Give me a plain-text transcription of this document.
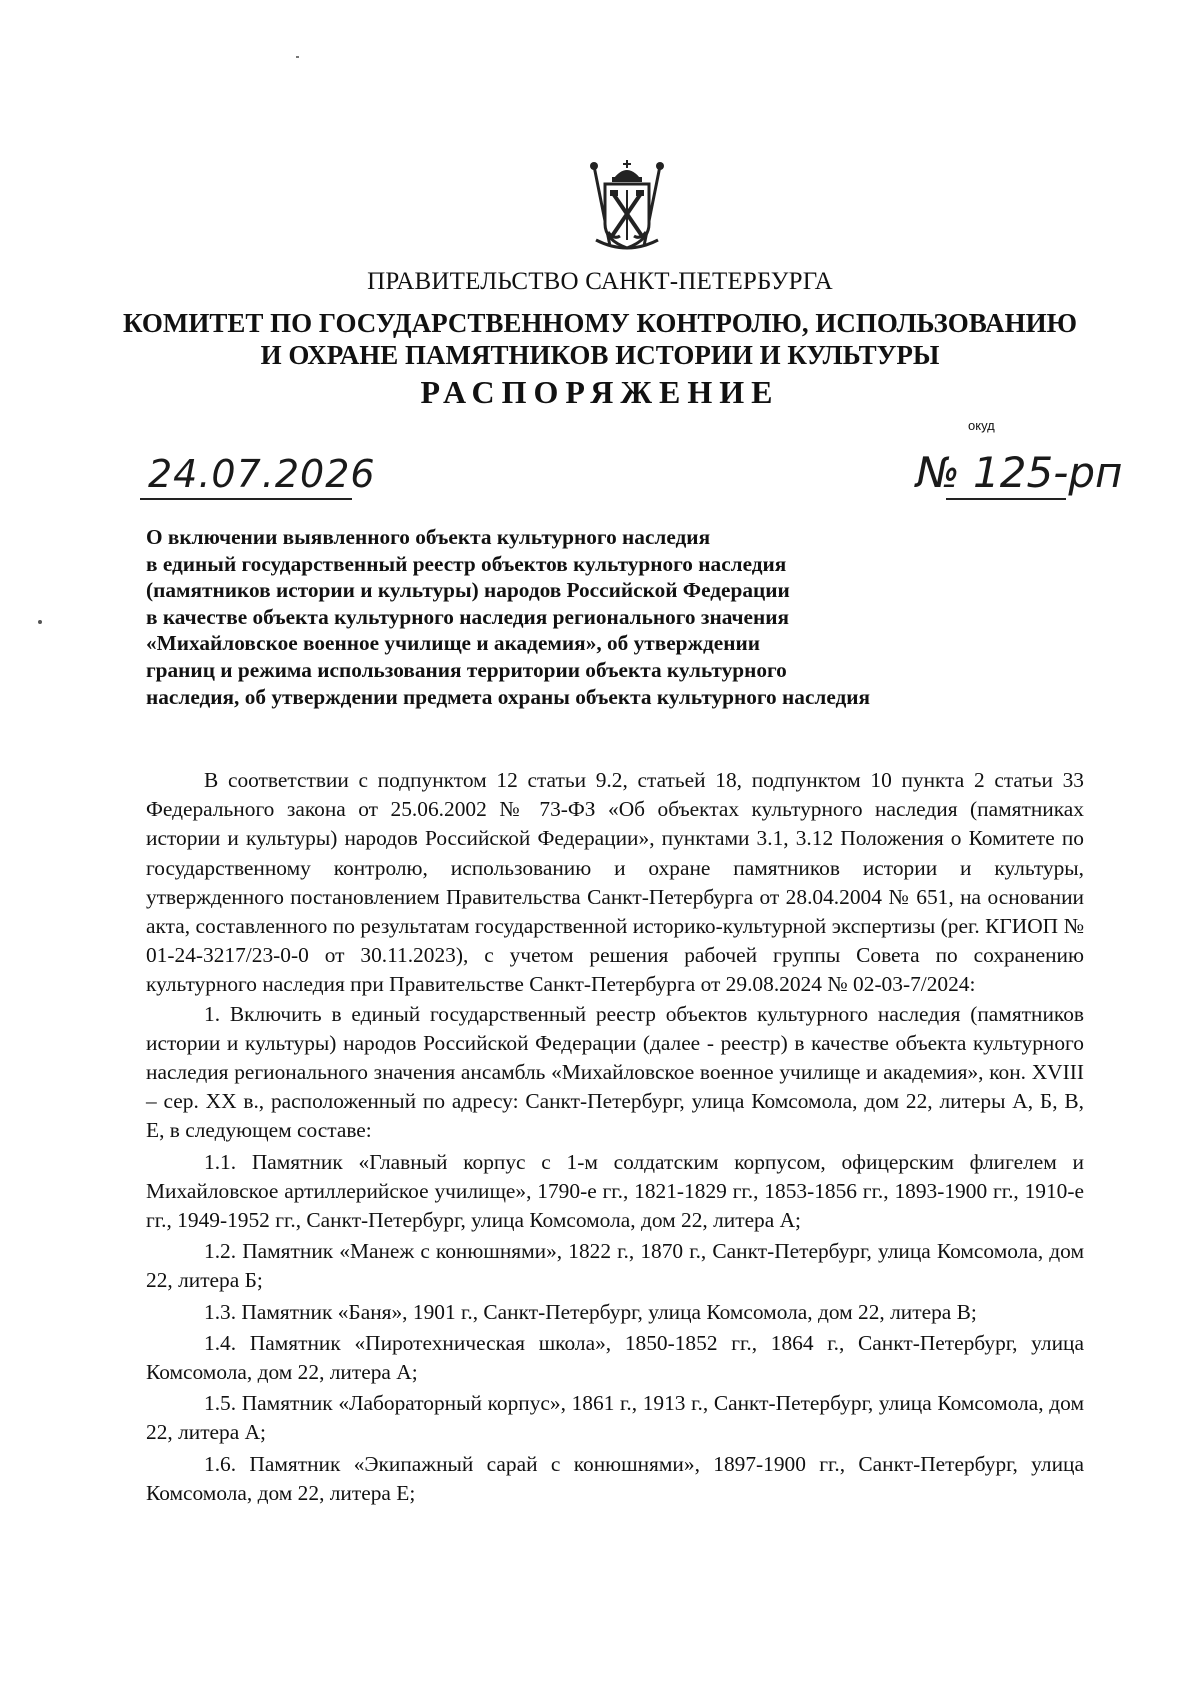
ПРАВИТЕЛЬСТВО САНКТ-ПЕТЕРБУРГА
КОМИТЕТ ПО ГОСУДАРСТВЕННОМУ КОНТРОЛЮ, ИСПОЛЬЗОВАНИЮ
И ОХРАНЕ ПАМЯТНИКОВ ИСТОРИИ И КУЛЬТУРЫ
РАСПОРЯЖЕНИЕ
окуд
24.07.2026	№ 125-рп
О включении выявленного объекта культурного наследия
в единый государственный реестр объектов культурного наследия
(памятников истории и культуры) народов Российской Федерации
в качестве объекта культурного наследия регионального значения
«Михайловское военное училище и академия», об утверждении
границ и режима использования территории объекта культурного
наследия, об утверждении предмета охраны объекта культурного наследия

В соответствии с подпунктом 12 статьи 9.2, статьей 18, подпунктом 10 пункта 2 статьи 33 Федерального закона от 25.06.2002 № 73-ФЗ «Об объектах культурного наследия (памятниках истории и культуры) народов Российской Федерации», пунктами 3.1, 3.12 Положения о Комитете по государственному контролю, использованию и охране памятников истории и культуры, утвержденного постановлением Правительства Санкт-Петербурга от 28.04.2004 № 651, на основании акта, составленного по результатам государственной историко-культурной экспертизы (рег. КГИОП № 01-24-3217/23-0-0 от 30.11.2023), с учетом решения рабочей группы Совета по сохранению культурного наследия при Правительстве Санкт-Петербурга от 29.08.2024 № 02-03-7/2024:

1. Включить в единый государственный реестр объектов культурного наследия (памятников истории и культуры) народов Российской Федерации (далее - реестр) в качестве объекта культурного наследия регионального значения ансамбль «Михайловское военное училище и академия», кон. XVIII – сер. XX в., расположенный по адресу: Санкт-Петербург, улица Комсомола, дом 22, литеры А, Б, В, Е, в следующем составе:

1.1. Памятник «Главный корпус с 1-м солдатским корпусом, офицерским флигелем и Михайловское артиллерийское училище», 1790-е гг., 1821-1829 гг., 1853-1856 гг., 1893-1900 гг., 1910-е гг., 1949-1952 гг., Санкт-Петербург, улица Комсомола, дом 22, литера А;

1.2. Памятник «Манеж с конюшнями», 1822 г., 1870 г., Санкт-Петербург, улица Комсомола, дом 22, литера Б;

1.3. Памятник «Баня», 1901 г., Санкт-Петербург, улица Комсомола, дом 22, литера В;

1.4. Памятник «Пиротехническая школа», 1850-1852 гг., 1864 г., Санкт-Петербург, улица Комсомола, дом 22, литера А;

1.5. Памятник «Лабораторный корпус», 1861 г., 1913 г., Санкт-Петербург, улица Комсомола, дом 22, литера А;

1.6. Памятник «Экипажный сарай с конюшнями», 1897-1900 гг., Санкт-Петербург, улица Комсомола, дом 22, литера Е;
